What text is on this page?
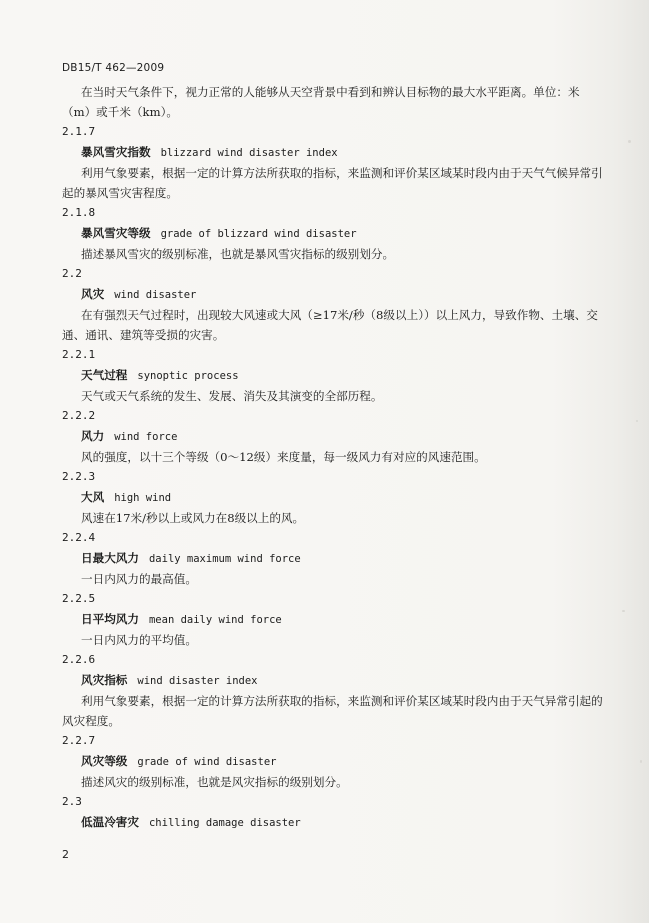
DB15/T 462—2009

在当时天气条件下，视力正常的人能够从天空背景中看到和辨认目标物的最大水平距离。单位：米（m）或千米（km）。

2.1.7

暴风雪灾指数 blizzard wind disaster index

利用气象要素，根据一定的计算方法所获取的指标，来监测和评价某区域某时段内由于天气气候异常引起的暴风雪灾害程度。

2.1.8

暴风雪灾等级 grade of blizzard wind disaster

描述暴风雪灾的级别标准，也就是暴风雪灾指标的级别划分。

2.2

风灾 wind disaster

在有强烈天气过程时，出现较大风速或大风（≥17米/秒（8级以上））以上风力，导致作物、土壤、交通、通讯、建筑等受损的灾害。

2.2.1

天气过程 synoptic process

天气或天气系统的发生、发展、消失及其演变的全部历程。

2.2.2

风力 wind force

风的强度，以十三个等级（0～12级）来度量，每一级风力有对应的风速范围。

2.2.3

大风 high wind

风速在17米/秒以上或风力在8级以上的风。

2.2.4

日最大风力 daily maximum wind force

一日内风力的最高值。

2.2.5

日平均风力 mean daily wind force

一日内风力的平均值。

2.2.6

风灾指标 wind disaster index

利用气象要素，根据一定的计算方法所获取的指标，来监测和评价某区域某时段内由于天气异常引起的风灾程度。

2.2.7

风灾等级 grade of wind disaster

描述风灾的级别标准，也就是风灾指标的级别划分。

2.3

低温冷害灾 chilling damage disaster

2
